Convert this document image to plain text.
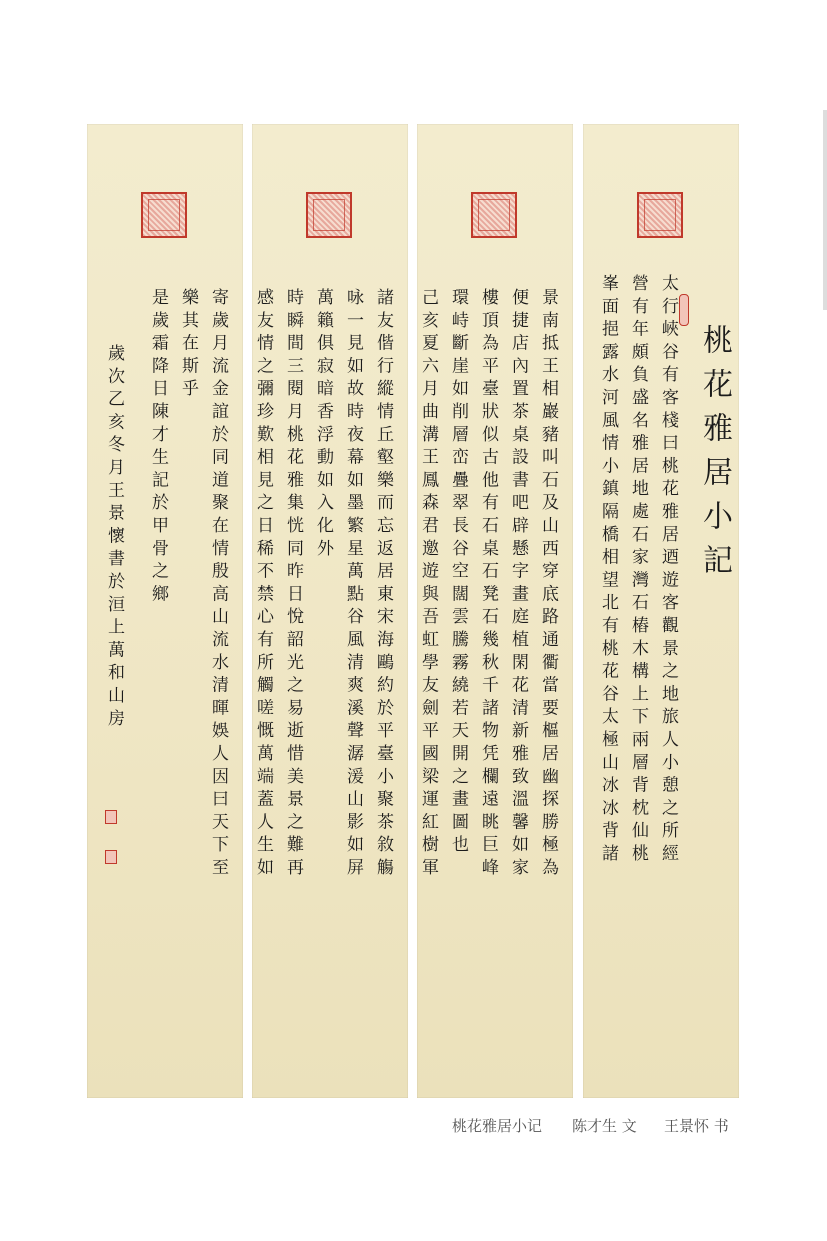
寄歲月流金誼於同道聚在情殷高山流水清暉娛人因曰天下至
樂其在斯乎
是歲霜降日陳才生記於甲骨之鄉
歲次乙亥冬月王景懷書於洹上萬和山房	諸友偕行縱情丘壑樂而忘返居東宋海鷗約於平臺小聚茶敘觴
咏一見如故時夜幕如墨繁星萬點谷風清爽溪聲潺湲山影如屏
萬籟俱寂暗香浮動如入化外
時瞬間三閱月桃花雅集恍同昨日悅韶光之易逝惜美景之難再
感友情之彌珍歎相見之日稀不禁心有所觸嗟慨萬端蓋人生如	景南抵王相巖豬叫石及山西穿底路通衢當要樞居幽探勝極為
便捷店內置茶桌設書吧辟懸字畫庭植閑花清新雅致溫馨如家
樓頂為平臺狀似古他有石桌石凳石幾秋千諸物凭欄遠眺巨峰
環峙斷崖如削層峦疊翠長谷空闊雲騰霧繞若天開之畫圖也
己亥夏六月曲溝王鳳森君邀遊與吾虹學友劍平國梁運紅樹軍	太行峽谷有客棧曰桃花雅居迺遊客觀景之地旅人小憩之所經
營有年頗負盛名雅居地處石家灣石樁木構上下兩層背枕仙桃
峯面挹露水河風情小鎮隔橋相望北有桃花谷太極山冰冰背諸	桃花雅居小記
桃花雅居小记 陈才生 文 王景怀 书
